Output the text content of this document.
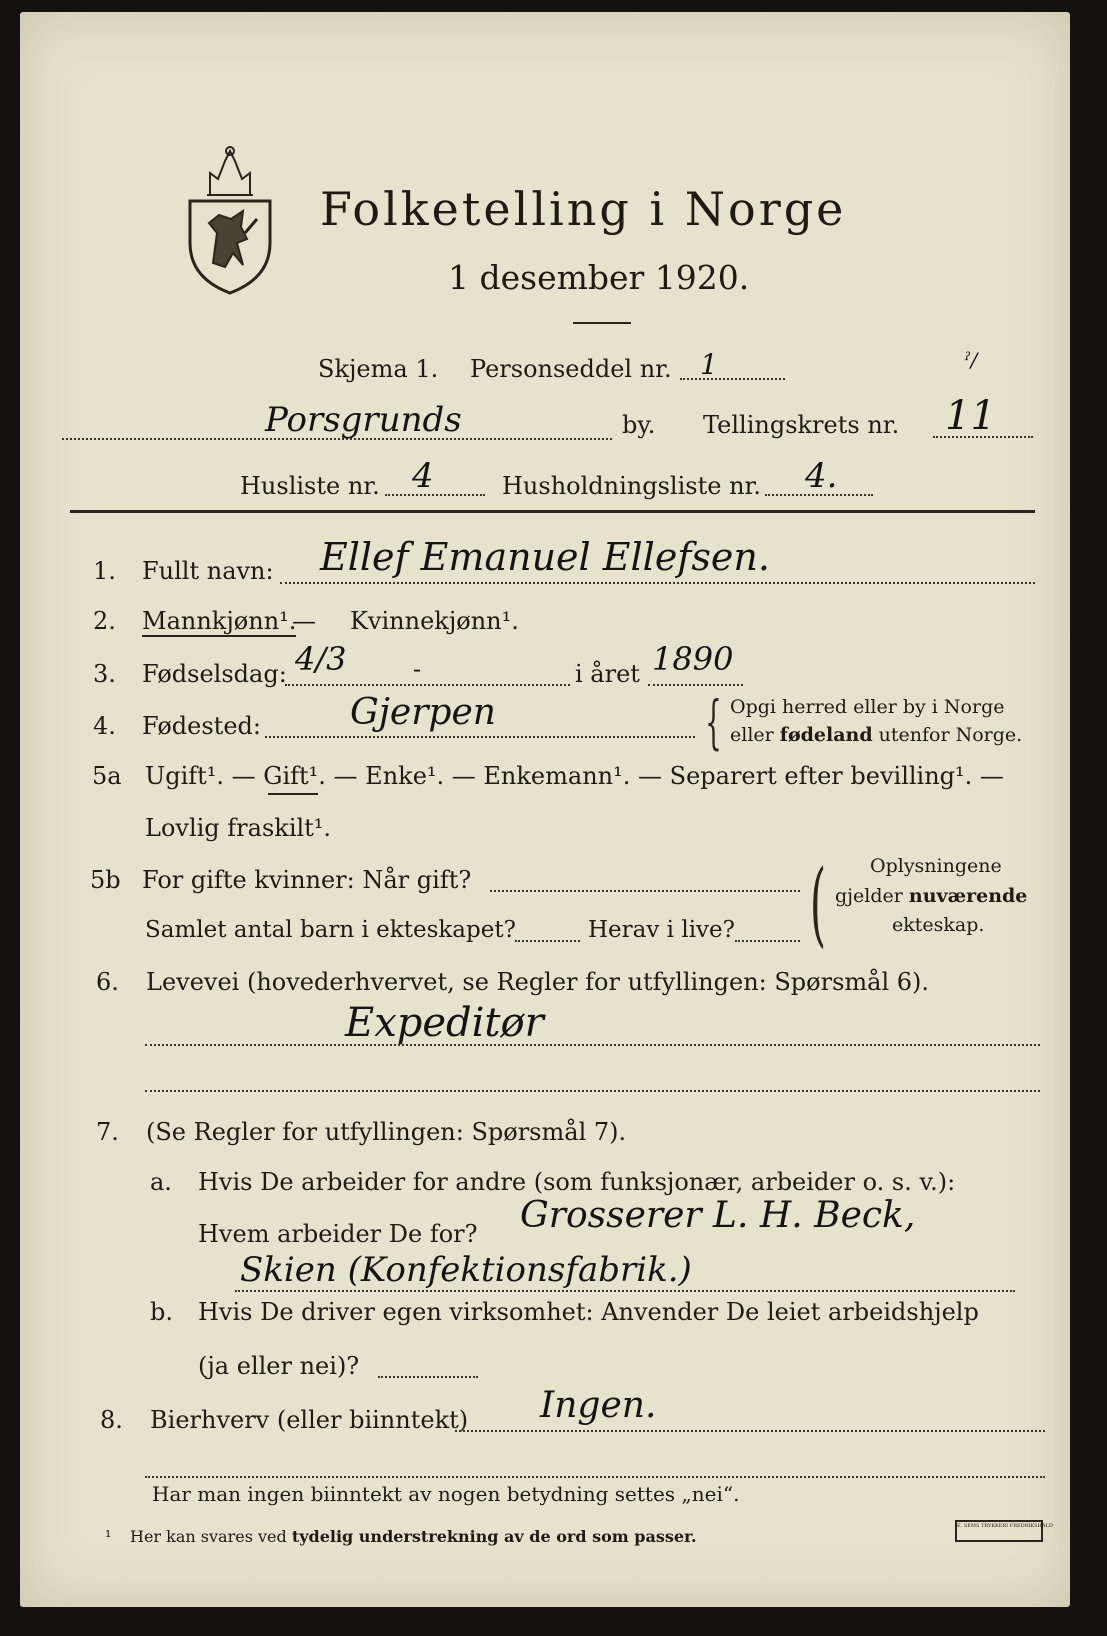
Folketelling i Norge
1 desember 1920.
Skjema 1. Personseddel nr. 1	ˀ/
Porsgrunds	by. Tellingskrets nr. 11
Husliste nr. 4	Husholdningsliste nr. 4.
1. Fullt navn: Ellef Emanuel Ellefsen.
2. Mannkjønn¹.
— Kvinnekjønn¹.
3. Fødselsdag: 4/3	-	i året 1890
4. Fødested: Gjerpen	{ Opgi herred eller by i Norge
eller fødeland utenfor Norge.
5a Ugift¹. — Gift¹. — Enke¹. — Enkemann¹. — Separert efter bevilling¹. —
Lovlig fraskilt¹.
5b For gifte kvinner: Når gift?
Samlet antal barn i ekteskapet?	Herav i live? ( Oplysningene
gjelder nuværende
ekteskap.
6. Levevei (hovederhvervet, se Regler for utfyllingen: Spørsmål 6).
Expeditør
7. (Se Regler for utfyllingen: Spørsmål 7).
a. Hvis De arbeider for andre (som funksjonær, arbeider o. s. v.):
Hvem arbeider De for? Grosserer L. H. Beck,
Skien (Konfektionsfabrik.)
b. Hvis De driver egen virksomhet: Anvender De leiet arbeidshjelp
(ja eller nei)?
8. Bierhverv (eller biinntekt) Ingen.
Har man ingen biinntekt av nogen betydning settes „nei“.
¹ Her kan svares ved tydelig understrekning av de ord som passer.
E. SEMS TRYKKERI FREDRIKSHALD
